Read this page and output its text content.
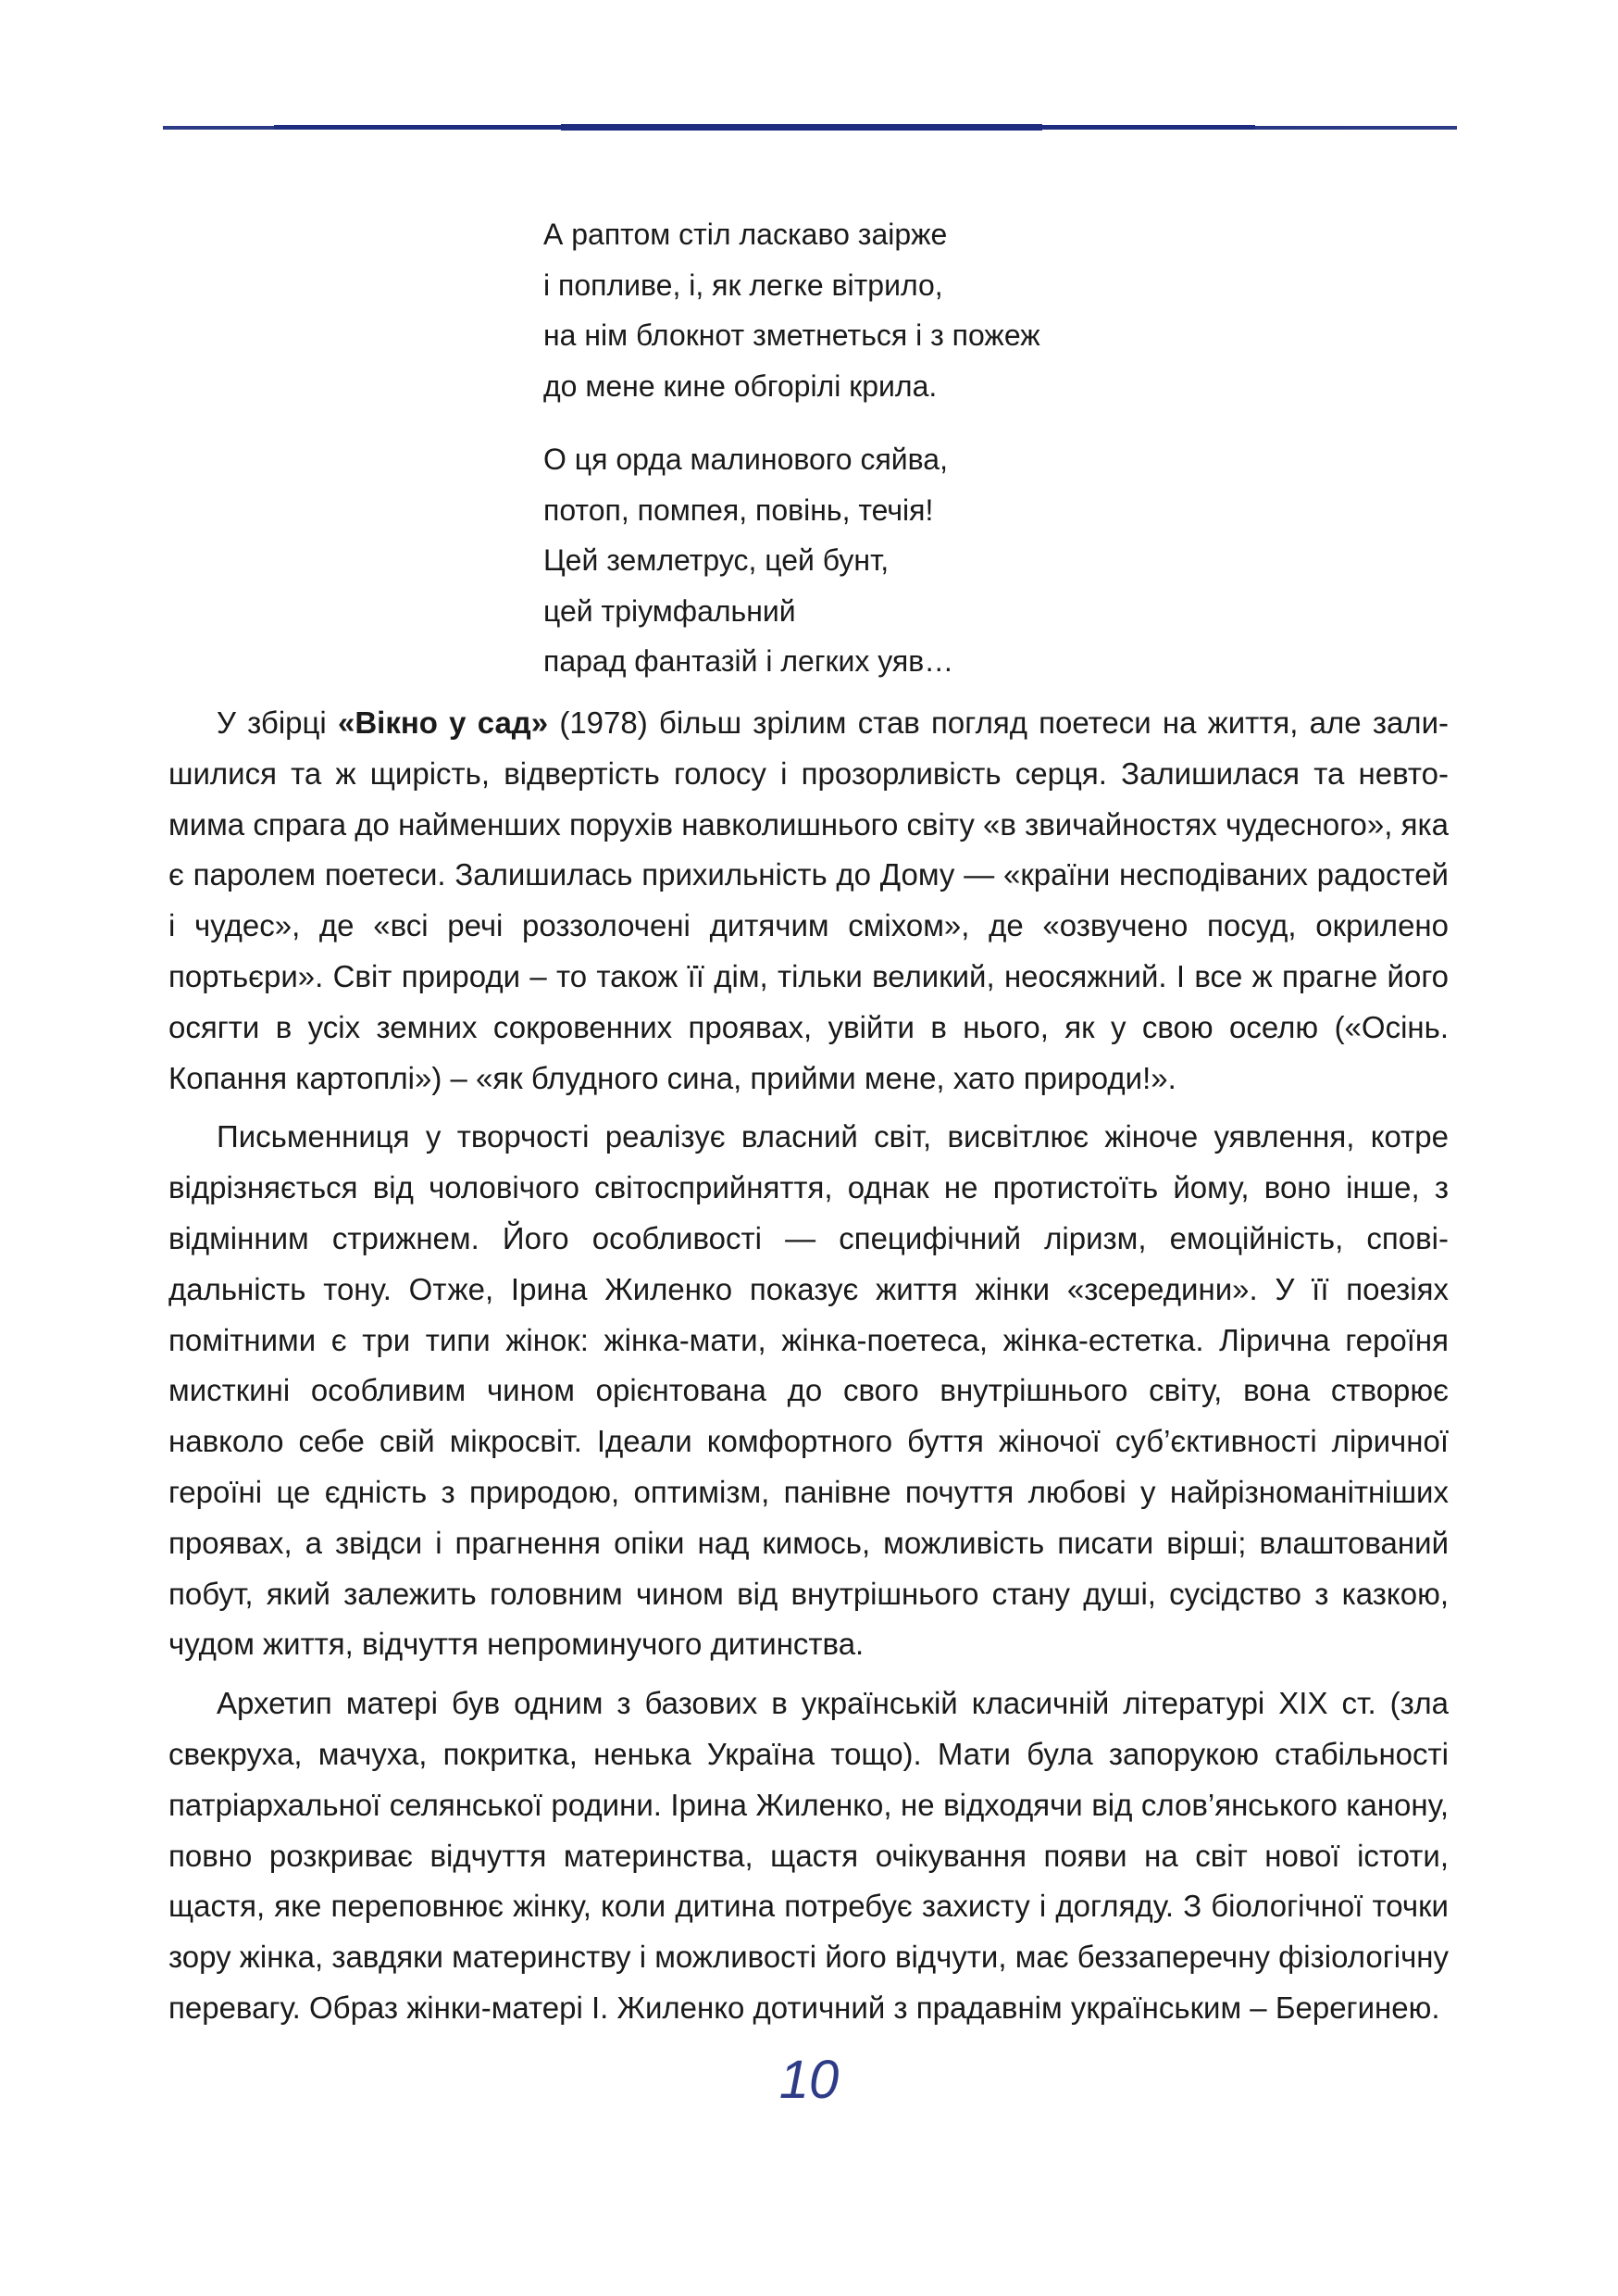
А раптом стіл ласкаво заірже
і попливе, і, як легке вітрило,
на нім блокнот зметнеться і з пожеж
до мене кине обгорілі крила.
О ця орда малинового сяйва,
потоп, помпея, повінь, течія!
Цей землетрус, цей бунт,
цей тріумфальний
парад фантазій і легких уяв…

У збірці «Вікно у сад» (1978) більш зрілим став погляд поетеси на життя, але залишилися та ж щирість, відвертість голосу і прозорливість серця. Залишилася та невтомима спрага до найменших порухів навколишнього світу «в звичайностях чудесного», яка є паролем поетеси. Залишилась прихильність до Дому — «країни несподіваних радостей і чудес», де «всі речі роззолочені дитячим сміхом», де «озвучено посуд, окрилено портьєри». Світ природи – то також її дім, тільки великий, неосяжний. І все ж прагне його осягти в усіх земних сокровенних проявах, увійти в нього, як у свою оселю («Осінь. Копання картоплі») – «як блудного сина, прийми мене, хато природи!».

Письменниця у творчості реалізує власний світ, висвітлює жіноче уявлення, котре відрізняється від чоловічого світосприйняття, однак не протистоїть йому, воно інше, з відмінним стрижнем. Його особливості — специфічний ліризм, емоційність, сповідальність тону. Отже, Ірина Жиленко показує життя жінки «зсередини». У її поезіях помітними є три типи жінок: жінка-мати, жінка-поетеса, жінка-естетка. Лірична героїня мисткині особливим чином орієнтована до свого внутрішнього світу, вона створює навколо себе свій мікросвіт. Ідеали комфортного буття жіночої суб’єктивності ліричної героїні це єдність з природою, оптимізм, панівне почуття любові у найрізноманітніших проявах, а звідси і прагнення опіки над кимось, можливість писати вірші; влаштований побут, який залежить головним чином від внутрішнього стану душі, сусідство з казкою, чудом життя, відчуття непроминучого дитинства.

Архетип матері був одним з базових в українській класичній літературі ХІХ ст. (зла свекруха, мачуха, покритка, ненька Україна тощо). Мати була запорукою стабільності патріархальної селянської родини. Ірина Жиленко, не відходячи від слов’янського канону, повно розкриває відчуття материнства, щастя очікування появи на світ нової істоти, щастя, яке переповнює жінку, коли дитина потребує захисту і догляду. З біологічної точки зору жінка, завдяки материнству і можливості його відчути, має беззаперечну фізіологічну перевагу. Образ жінки-матері І. Жиленко дотичний з прадавнім українським – Берегинею.

10
